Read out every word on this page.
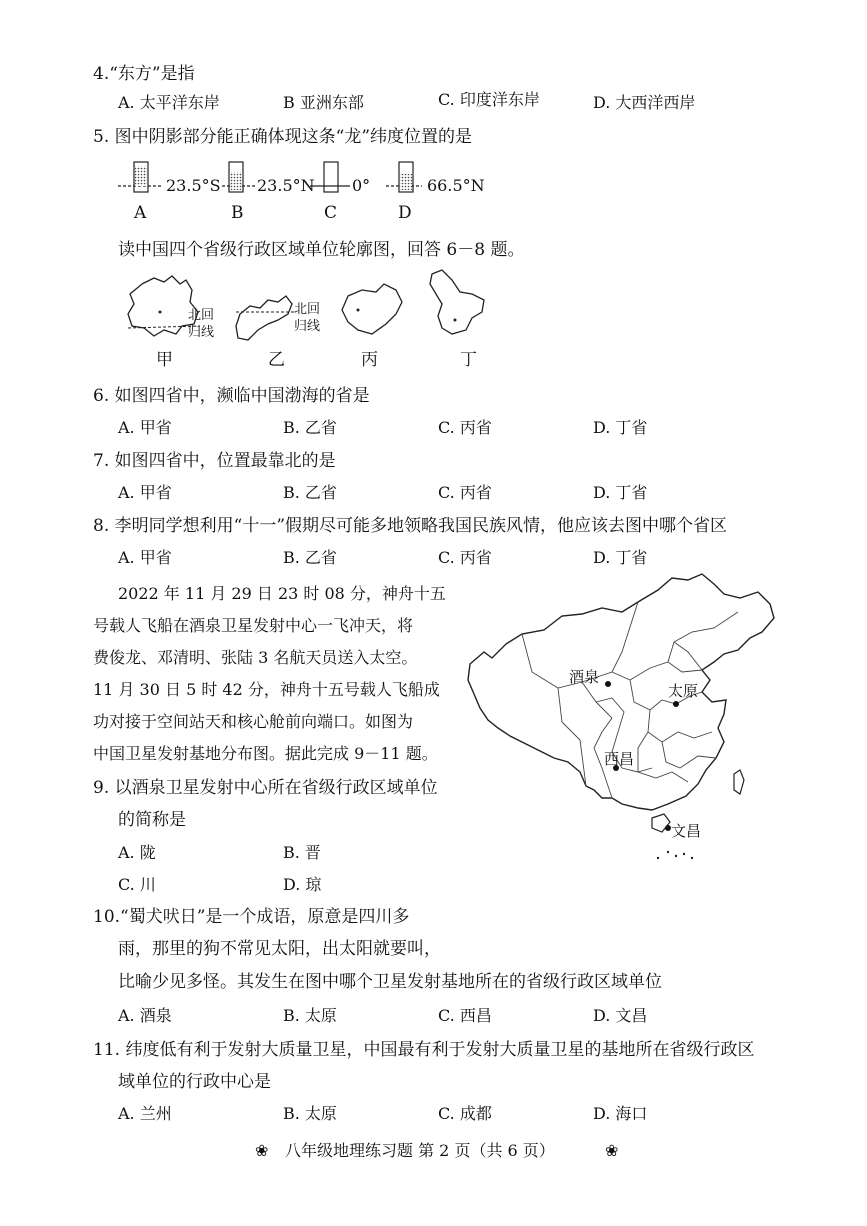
4.“东方”是指
A. 太平洋东岸	B 亚洲东部	C. 印度洋东岸	D. 大西洋西岸
5. 图中阴影部分能正确体现这条“龙”纬度位置的是
23.5°S 23.5°N 0°	66.5°N
A	B	C	D
读中国四个省级行政区域单位轮廓图，回答 6－8 题。
北回
归线
北回
归线
甲	乙	丙	丁
6. 如图四省中，濒临中国渤海的省是
A. 甲省	B. 乙省	C. 丙省	D. 丁省
7. 如图四省中，位置最靠北的是
A. 甲省	B. 乙省	C. 丙省	D. 丁省
8. 李明同学想利用“十一”假期尽可能多地领略我国民族风情，他应该去图中哪个省区
A. 甲省	B. 乙省	C. 丙省	D. 丁省
2022 年 11 月 29 日 23 时 08 分，神舟十五
号载人飞船在酒泉卫星发射中心一飞冲天，将
费俊龙、邓清明、张陆 3 名航天员送入太空。
11 月 30 日 5 时 42 分，神舟十五号载人飞船成
功对接于空间站天和核心舱前向端口。如图为
中国卫星发射基地分布图。据此完成 9－11 题。
酒泉
太原
西昌
文昌
9. 以酒泉卫星发射中心所在省级行政区域单位
的简称是
A. 陇	B. 晋
C. 川	D. 琼
10.“蜀犬吠日”是一个成语，原意是四川多
雨，那里的狗不常见太阳，出太阳就要叫，
比喻少见多怪。其发生在图中哪个卫星发射基地所在的省级行政区域单位
A. 酒泉	B. 太原	C. 西昌	D. 文昌
11. 纬度低有利于发射大质量卫星，中国最有利于发射大质量卫星的基地所在省级行政区
域单位的行政中心是
A. 兰州	B. 太原	C. 成都	D. 海口
❀ 八年级地理练习题 第 2 页（共 6 页）	❀
